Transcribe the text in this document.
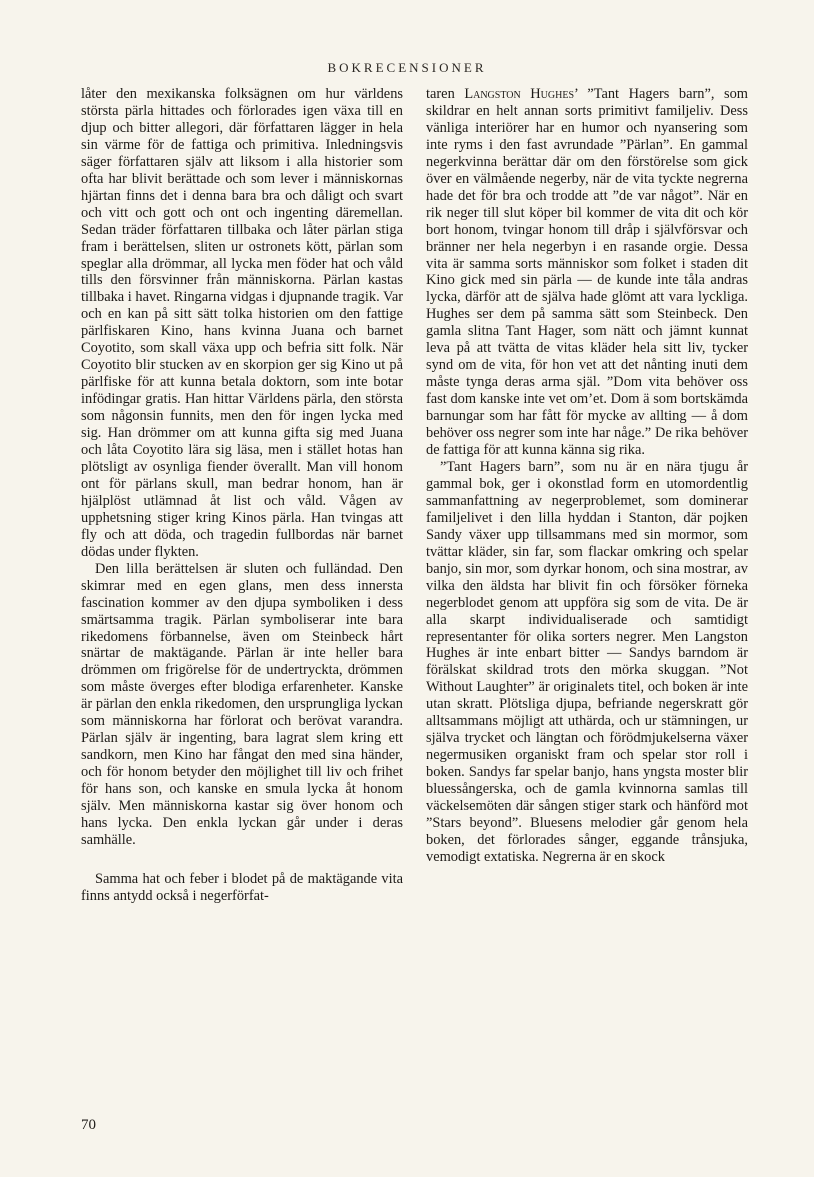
BOKRECENSIONER

låter den mexikanska folksägnen om hur världens största pärla hittades och förlorades igen växa till en djup och bitter allegori, där författaren lägger in hela sin värme för de fattiga och primitiva. Inledningsvis säger författaren själv att liksom i alla historier som ofta har blivit berättade och som lever i människornas hjärtan finns det i denna bara bra och dåligt och svart och vitt och gott och ont och ingenting däremellan. Sedan träder författaren tillbaka och låter pärlan stiga fram i berättelsen, sliten ur ostronets kött, pärlan som speglar alla drömmar, all lycka men föder hat och våld tills den försvinner från människorna. Pärlan kastas tillbaka i havet. Ringarna vidgas i djupnande tragik. Var och en kan på sitt sätt tolka historien om den fattige pärlfiskaren Kino, hans kvinna Juana och barnet Coyotito, som skall växa upp och befria sitt folk. När Coyotito blir stucken av en skorpion ger sig Kino ut på pärlfiske för att kunna betala doktorn, som inte botar infödingar gratis. Han hittar Världens pärla, den största som någonsin funnits, men den för ingen lycka med sig. Han drömmer om att kunna gifta sig med Juana och låta Coyotito lära sig läsa, men i stället hotas han plötsligt av osynliga fiender överallt. Man vill honom ont för pärlans skull, man bedrar honom, han är hjälplöst utlämnad åt list och våld. Vågen av upphetsning stiger kring Kinos pärla. Han tvingas att fly och att döda, och tragedin fullbordas när barnet dödas under flykten.

Den lilla berättelsen är sluten och fulländad. Den skimrar med en egen glans, men dess innersta fascination kommer av den djupa symboliken i dess smärtsamma tragik. Pärlan symboliserar inte bara rikedomens förbannelse, även om Steinbeck hårt snärtar de maktägande. Pärlan är inte heller bara drömmen om frigörelse för de undertryckta, drömmen som måste överges efter blodiga erfarenheter. Kanske är pärlan den enkla rikedomen, den ursprungliga lyckan som människorna har förlorat och berövat varandra. Pärlan själv är ingenting, bara lagrat slem kring ett sandkorn, men Kino har fångat den med sina händer, och för honom betyder den möjlighet till liv och frihet för hans son, och kanske en smula lycka åt honom själv. Men människorna kastar sig över honom och hans lycka. Den enkla lyckan går under i deras samhälle.

Samma hat och feber i blodet på de maktägande vita finns antydd också i negerförfat-

taren Langston Hughes’ ”Tant Hagers barn”, som skildrar en helt annan sorts primitivt familjeliv. Dess vänliga interiörer har en humor och nyansering som inte ryms i den fast avrundade ”Pärlan”. En gammal negerkvinna berättar där om den förstörelse som gick över en välmående negerby, när de vita tyckte negrerna hade det för bra och trodde att ”de var något”. När en rik neger till slut köper bil kommer de vita dit och kör bort honom, tvingar honom till dråp i självförsvar och bränner ner hela negerbyn i en rasande orgie. Dessa vita är samma sorts människor som folket i staden dit Kino gick med sin pärla — de kunde inte tåla andras lycka, därför att de själva hade glömt att vara lyckliga. Hughes ser dem på samma sätt som Steinbeck. Den gamla slitna Tant Hager, som nätt och jämnt kunnat leva på att tvätta de vitas kläder hela sitt liv, tycker synd om de vita, för hon vet att det nånting inuti dem måste tynga deras arma själ. ”Dom vita behöver oss fast dom kanske inte vet om’et. Dom ä som bortskämda barnungar som har fått för mycke av allting — å dom behöver oss negrer som inte har någe.” De rika behöver de fattiga för att kunna känna sig rika.

”Tant Hagers barn”, som nu är en nära tjugu år gammal bok, ger i okonstlad form en utomordentlig sammanfattning av negerproblemet, som dominerar familjelivet i den lilla hyddan i Stanton, där pojken Sandy växer upp tillsammans med sin mormor, som tvättar kläder, sin far, som flackar omkring och spelar banjo, sin mor, som dyrkar honom, och sina mostrar, av vilka den äldsta har blivit fin och försöker förneka negerblodet genom att uppföra sig som de vita. De är alla skarpt individualiserade och samtidigt representanter för olika sorters negrer. Men Langston Hughes är inte enbart bitter — Sandys barndom är förälskat skildrad trots den mörka skuggan. ”Not Without Laughter” är originalets titel, och boken är inte utan skratt. Plötsliga djupa, befriande negerskratt gör alltsammans möjligt att uthärda, och ur stämningen, ur själva trycket och längtan och förödmjukelserna växer negermusiken organiskt fram och spelar stor roll i boken. Sandys far spelar banjo, hans yngsta moster blir bluessångerska, och de gamla kvinnorna samlas till väckelsemöten där sången stiger stark och hänförd mot ”Stars beyond”. Bluesens melodier går genom hela boken, det förlorades sånger, eggande trånsjuka, vemodigt extatiska. Negrerna är en skock

70
